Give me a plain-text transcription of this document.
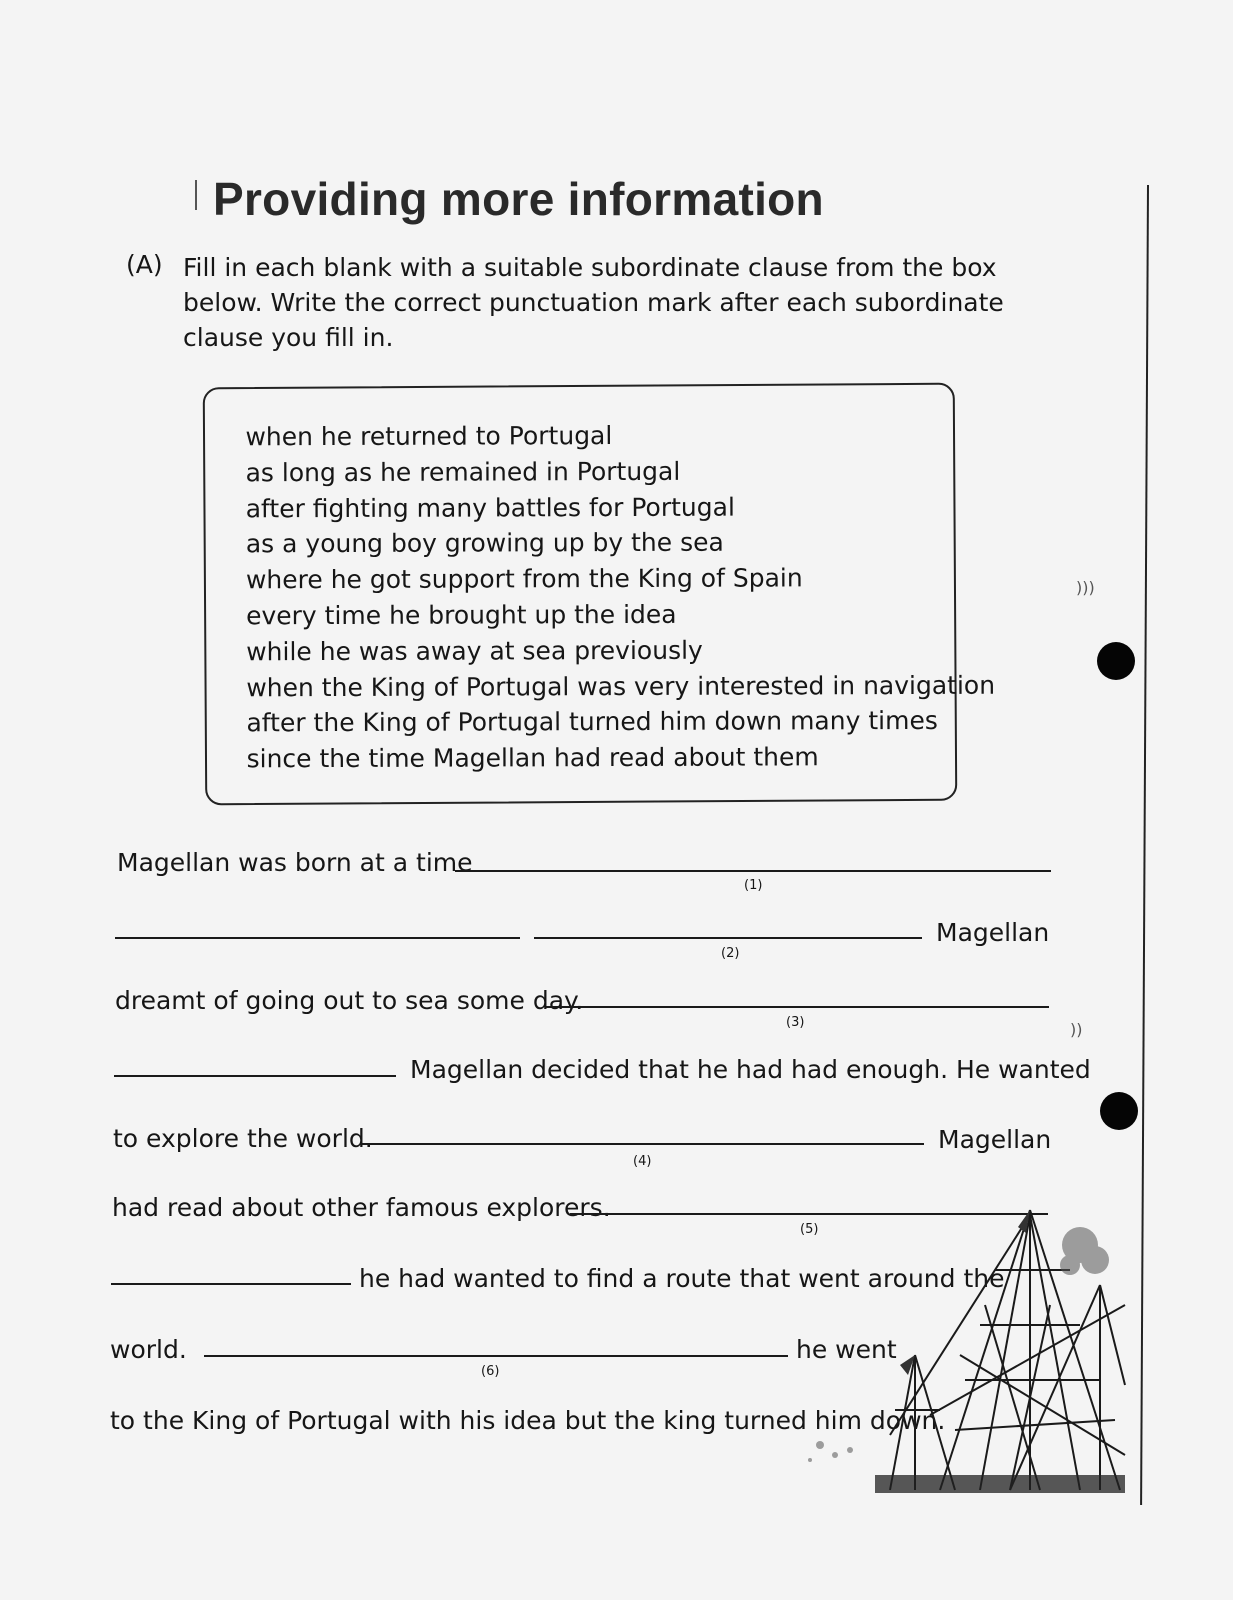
Providing more information
(A) Fill in each blank with a suitable subordinate clause from the box
below. Write the correct punctuation mark after each subordinate
clause you fill in.
when he returned to Portugal
as long as he remained in Portugal
after fighting many battles for Portugal
as a young boy growing up by the sea
where he got support from the King of Spain
every time he brought up the idea
while he was away at sea previously
when the King of Portugal was very interested in navigation
after the King of Portugal turned him down many times
since the time Magellan had read about them
Magellan was born at a time
(1)
Magellan
(2)
dreamt of going out to sea some day.
(3)
Magellan decided that he had had enough. He wanted
to explore the world.	Magellan
(4)
had read about other famous explorers.
(5)
he had wanted to find a route that went around the
world.	he went
(6)
to the King of Portugal with his idea but the king turned him down.
)))
))
